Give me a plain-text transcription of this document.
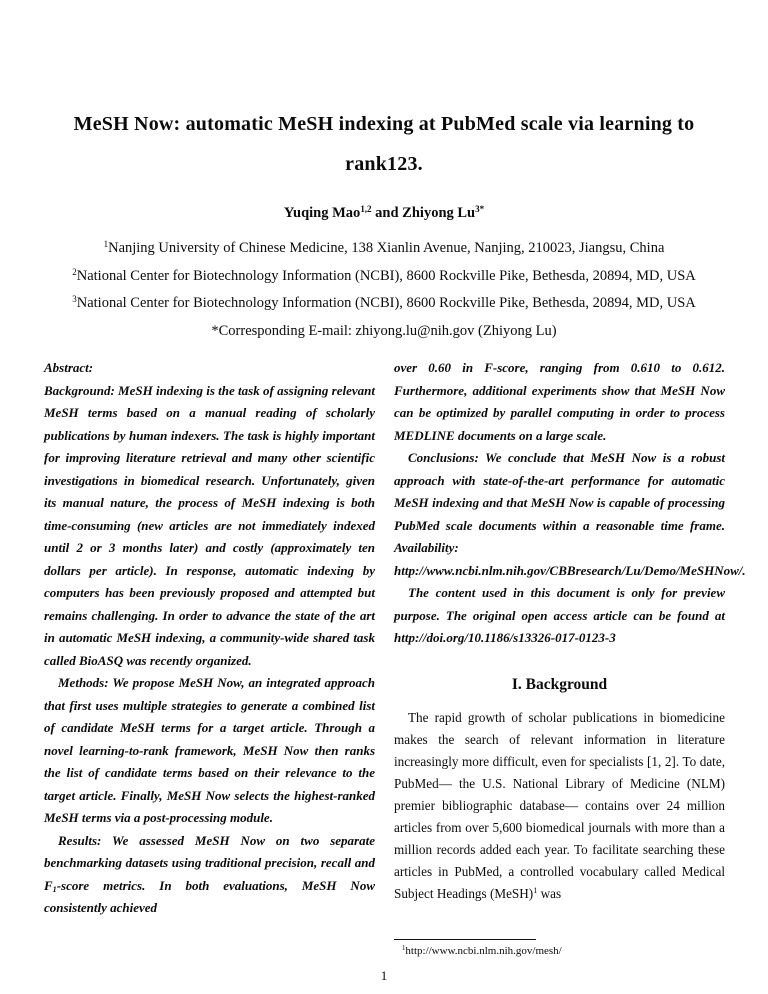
MeSH Now: automatic MeSH indexing at PubMed scale via learning to
rank123.
Yuqing Mao$^{1,2}$ and Zhiyong $Lu^{3*}$
$^1$Nanjing University of Chinese Medicine, 138 Xianlin Avenue, Nanjing, 210023, Jiangsu, China
$^2$National Center for Biotechnology Information (NCBI), 8600 Rockville Pike, Bethesda, 20894, MD, USA
$^3$National Center for Biotechnology Information (NCBI), 8600 Rockville Pike, Bethesda, 20894, MD, USA
*Corresponding E-mail: zhiyong.lu@nih.gov (Zhiyong Lu)
Abstract:

Background: MeSH indexing is the task of assigning relevant MeSH terms based on a manual reading of scholarly publications by human indexers. The task is highly important for improving literature retrieval and many other scientific investigations in biomedical research. Unfortunately, given its manual nature, the process of MeSH indexing is both time-consuming (new articles are not immediately indexed until 2 or 3 months later) and costly (approximately ten dollars per article). In response, automatic indexing by computers has been previously proposed and attempted but remains challenging. In order to advance the state of the art in automatic MeSH indexing, a community-wide shared task called BioASQ was recently organized.

Methods: We propose MeSH Now, an integrated approach that first uses multiple strategies to generate a combined list of candidate MeSH terms for a target article. Through a novel learning-to-rank framework, MeSH Now then ranks the list of candidate terms based on their relevance to the target article. Finally, MeSH Now selects the highest-ranked MeSH terms via a post-processing module.

Results: We assessed MeSH Now on two separate benchmarking datasets using traditional precision, recall and $F_1$-score metrics. In both evaluations, MeSH Now consistently achieved

over 0.60 in F-score, ranging from 0.610 to 0.612. Furthermore, additional experiments show that MeSH Now can be optimized by parallel computing in order to process MEDLINE documents on a large scale.

Conclusions: We conclude that MeSH Now is a robust approach with state-of-the-art performance for automatic MeSH indexing and that MeSH Now is capable of processing PubMed scale documents within a reasonable time frame. Availability: http://www.ncbi.nlm.nih.gov/CBBresearch/Lu/Demo/MeSHNow/.

The content used in this document is only for preview purpose. The original open access article can be found at http://doi.org/10.1186/s13326-017-0123-3

I. Background

The rapid growth of scholar publications in biomedicine makes the search of relevant information in literature increasingly more difficult, even for specialists [1, 2]. To date, PubMed— the U.S. National Library of Medicine (NLM) premier bibliographic database— contains over 24 million articles from over 5,600 biomedical journals with more than a million records added each year. To facilitate searching these articles in PubMed, a controlled vocabulary called Medical Subject Headings (MeSH)$^1$ was

$^1$http://www.ncbi.nlm.nih.gov/mesh/
1
